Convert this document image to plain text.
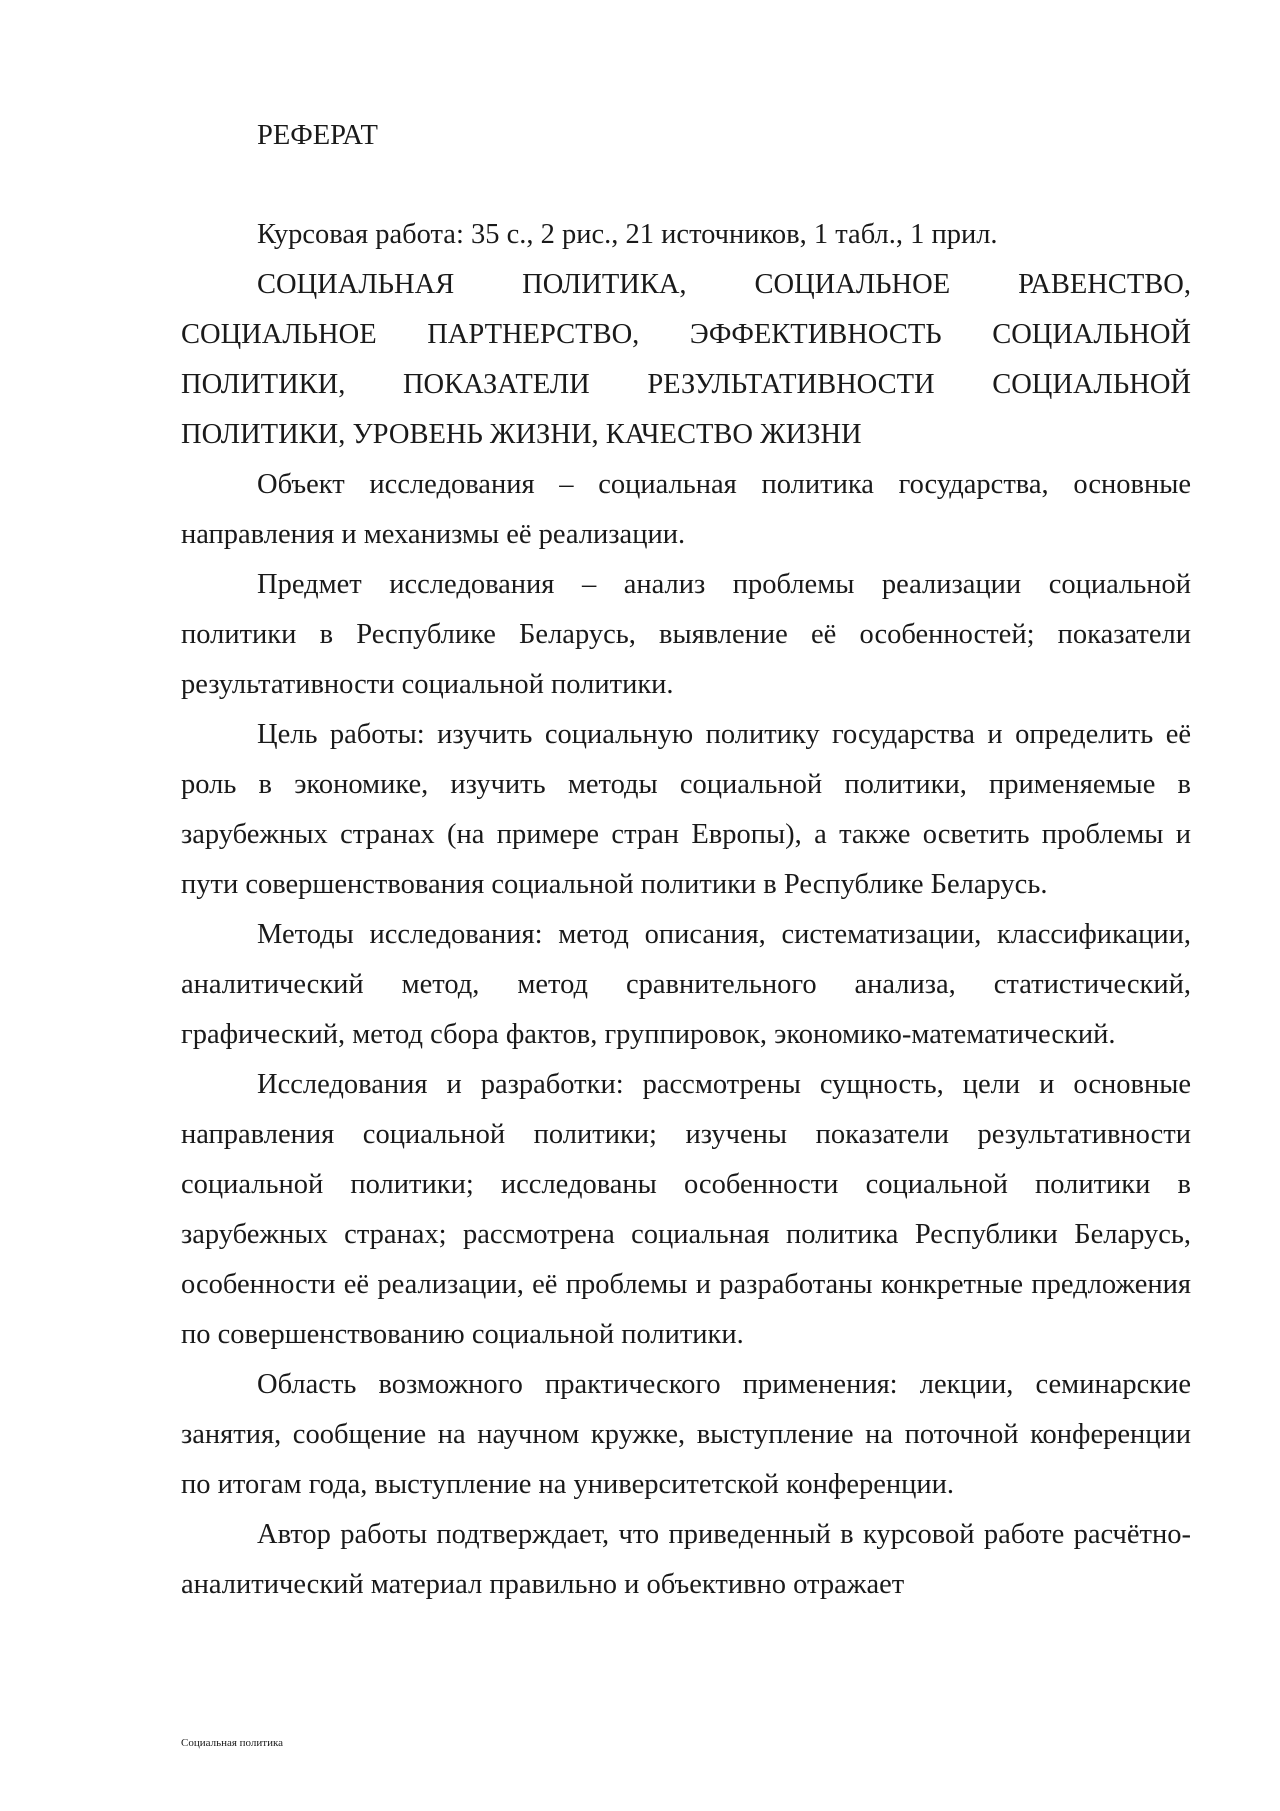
РЕФЕРАТ

Курсовая работа: 35 с., 2 рис., 21 источников, 1 табл., 1 прил.

СОЦИАЛЬНАЯ ПОЛИТИКА, СОЦИАЛЬНОЕ РАВЕНСТВО, СОЦИАЛЬНОЕ ПАРТНЕРСТВО, ЭФФЕКТИВНОСТЬ СОЦИАЛЬНОЙ ПОЛИТИКИ, ПОКАЗАТЕЛИ РЕЗУЛЬТАТИВНОСТИ СОЦИАЛЬНОЙ ПОЛИТИКИ, УРОВЕНЬ ЖИЗНИ, КАЧЕСТВО ЖИЗНИ

Объект исследования – социальная политика государства, основные направления и механизмы её реализации.

Предмет исследования – анализ проблемы реализации социальной политики в Республике Беларусь, выявление её особенностей; показатели результативности социальной политики.

Цель работы: изучить социальную политику государства и определить её роль в экономике, изучить методы социальной политики, применяемые в зарубежных странах (на примере стран Европы), а также осветить проблемы и пути совершенствования социальной политики в Республике Беларусь.

Методы исследования: метод описания, систематизации, классификации, аналитический метод, метод сравнительного анализа, статистический, графический, метод сбора фактов, группировок, экономико-математический.

Исследования и разработки: рассмотрены сущность, цели и основные направления социальной политики; изучены показатели результативности социальной политики; исследованы особенности социальной политики в зарубежных странах; рассмотрена социальная политика Республики Беларусь, особенности её реализации, её проблемы и разработаны конкретные предложения по совершенствованию социальной политики.

Область возможного практического применения: лекции, семинарские занятия, сообщение на научном кружке, выступление на поточной конференции по итогам года, выступление на университетской конференции.

Автор работы подтверждает, что приведенный в курсовой работе расчётно-аналитический материал правильно и объективно отражает

Социальная политика
